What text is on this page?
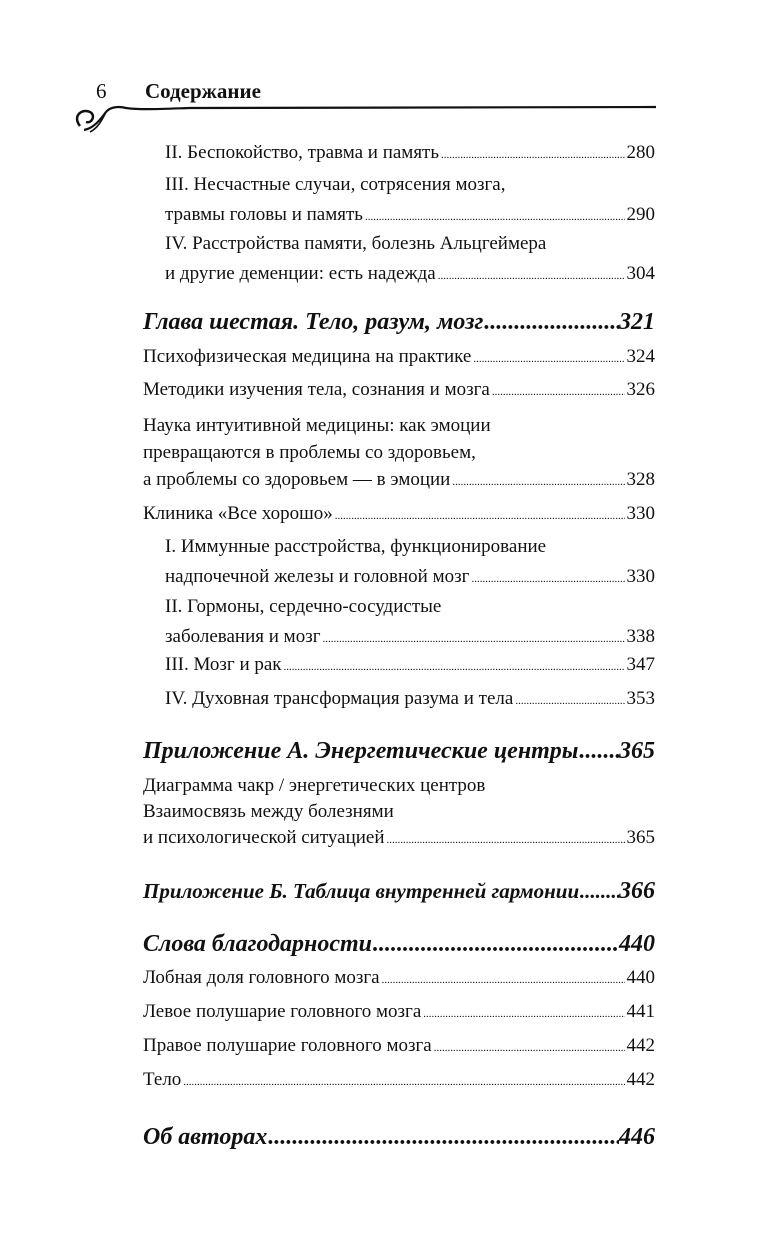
6 Содержание
II. Беспокойство, травма и память .....	280
III. Несчастные случаи, сотрясения мозга,
травмы головы и память .....	290
IV. Расстройства памяти, болезнь Альцгеймера
и другие деменции: есть надежда .....	304
Глава шестая. Тело, разум, мозг .....	321
Психофизическая медицина на практике .....	324
Методики изучения тела, сознания и мозга .....	326
Наука интуитивной медицины: как эмоции
превращаются в проблемы со здоровьем,
а проблемы со здоровьем — в эмоции .....	328
Клиника «Все хорошо» .....	330
I. Иммунные расстройства, функционирование
надпочечной железы и головной мозг .....	330
II. Гормоны, сердечно-сосудистые
заболевания и мозг .....	338
III. Мозг и рак .....	347
IV. Духовная трансформация разума и тела .....	353
Приложение А. Энергетические центры ..... 365
Диаграмма чакр / энергетических центров
Взаимосвязь между болезнями
и психологической ситуацией .....	365
Приложение Б. Таблица внутренней гармонии ..... 366
Слова благодарности .....	440
Лобная доля головного мозга .....	440
Левое полушарие головного мозга .....	441
Правое полушарие головного мозга .....	442
Тело .....	442
Об авторах .....	446
